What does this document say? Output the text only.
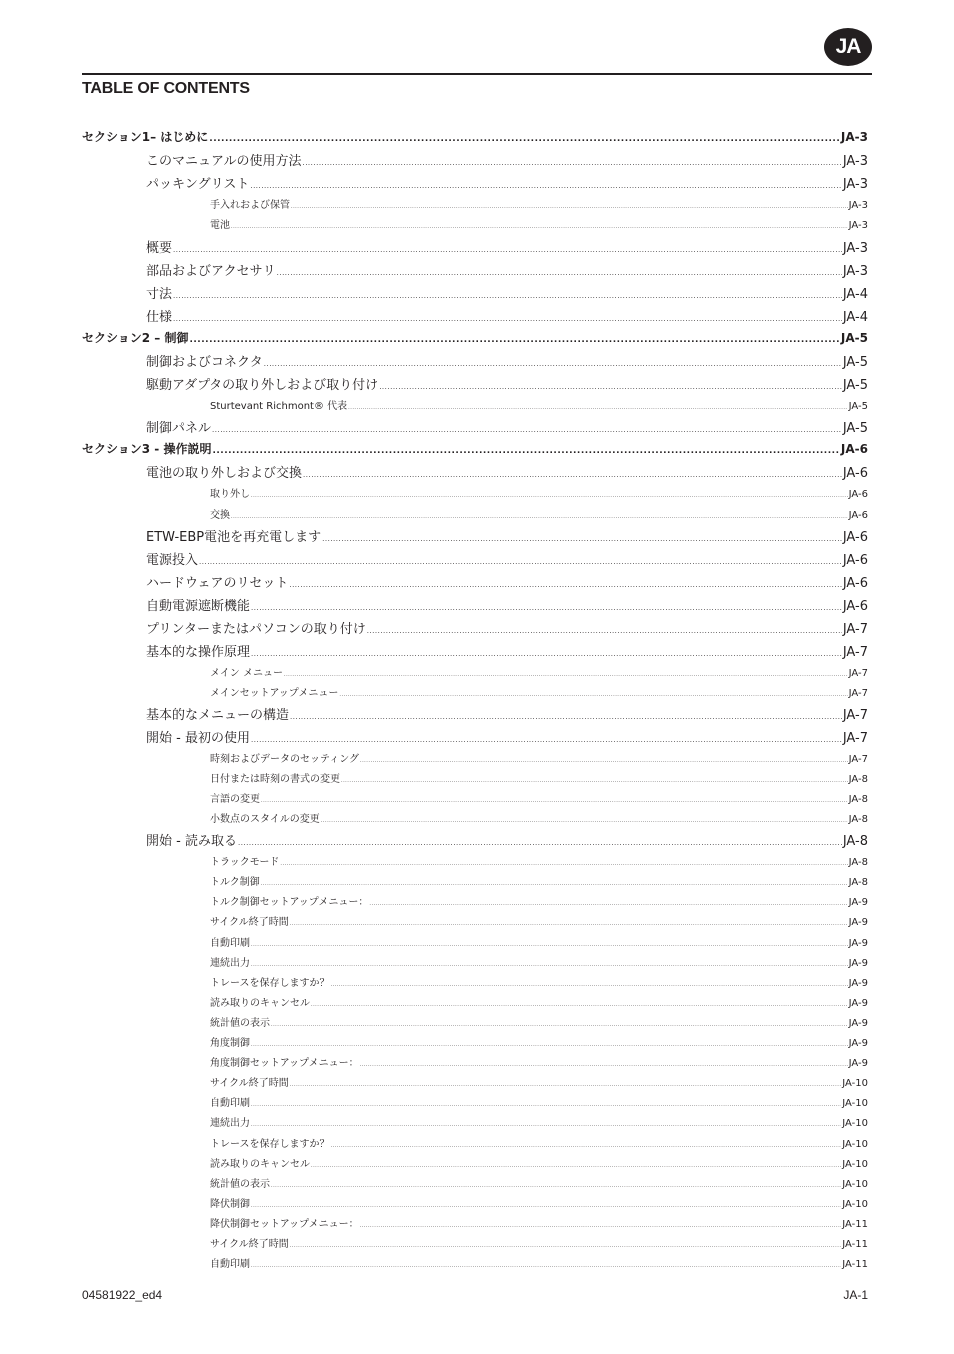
JA
TABLE OF CONTENTS
セクション1– はじめに .....	JA-3
このマニュアルの使用方法 .....	JA-3
パッキングリスト .....	JA-3
手入れおよび保管 .....	JA-3
電池 .....	JA-3
概要 .....	JA-3
部品およびアクセサリ .....	JA-3
寸法 .....	JA-4
仕様 .....	JA-4
セクション2 – 制御 .....	JA-5
制御およびコネクタ .....	JA-5
駆動アダプタの取り外しおよび取り付け .....	JA-5
Sturtevant Richmont® 代表 .....	JA-5
制御パネル .....	JA-5
セクション3 - 操作説明 .....	JA-6
電池の取り外しおよび交換 .....	JA-6
取り外し .....	JA-6
交換 .....	JA-6
ETW-EBP電池を再充電します .....	JA-6
電源投入 .....	JA-6
ハードウェアのリセット .....	JA-6
自動電源遮断機能 .....	JA-6
プリンターまたはパソコンの取り付け .....	JA-7
基本的な操作原理 .....	JA-7
メイン メニュー .....	JA-7
メインセットアップメニュー .....	JA-7
基本的なメニューの構造 .....	JA-7
開始 - 最初の使用 .....	JA-7
時刻およびデータのセッティング .....	JA-7
日付または時刻の書式の変更 .....	JA-8
言語の変更 .....	JA-8
小数点のスタイルの変更 .....	JA-8
開始 - 読み取る .....	JA-8
トラックモード .....	JA-8
トルク制御 .....	JA-8
トルク制御セットアップメニュー： .....	JA-9
サイクル終了時間 .....	JA-9
自動印刷 .....	JA-9
連続出力 .....	JA-9
トレースを保存しますか？ .....	JA-9
読み取りのキャンセル .....	JA-9
統計値の表示 .....	JA-9
角度制御 .....	JA-9
角度制御セットアップメニュー： .....	JA-9
サイクル終了時間 .....	JA-10
自動印刷 .....	JA-10
連続出力 .....	JA-10
トレースを保存しますか？ .....	JA-10
読み取りのキャンセル .....	JA-10
統計値の表示 .....	JA-10
降伏制御 .....	JA-10
降伏制御セットアップメニュー： .....	JA-11
サイクル終了時間 .....	JA-11
自動印刷 .....	JA-11
04581922_ed4	JA-1
